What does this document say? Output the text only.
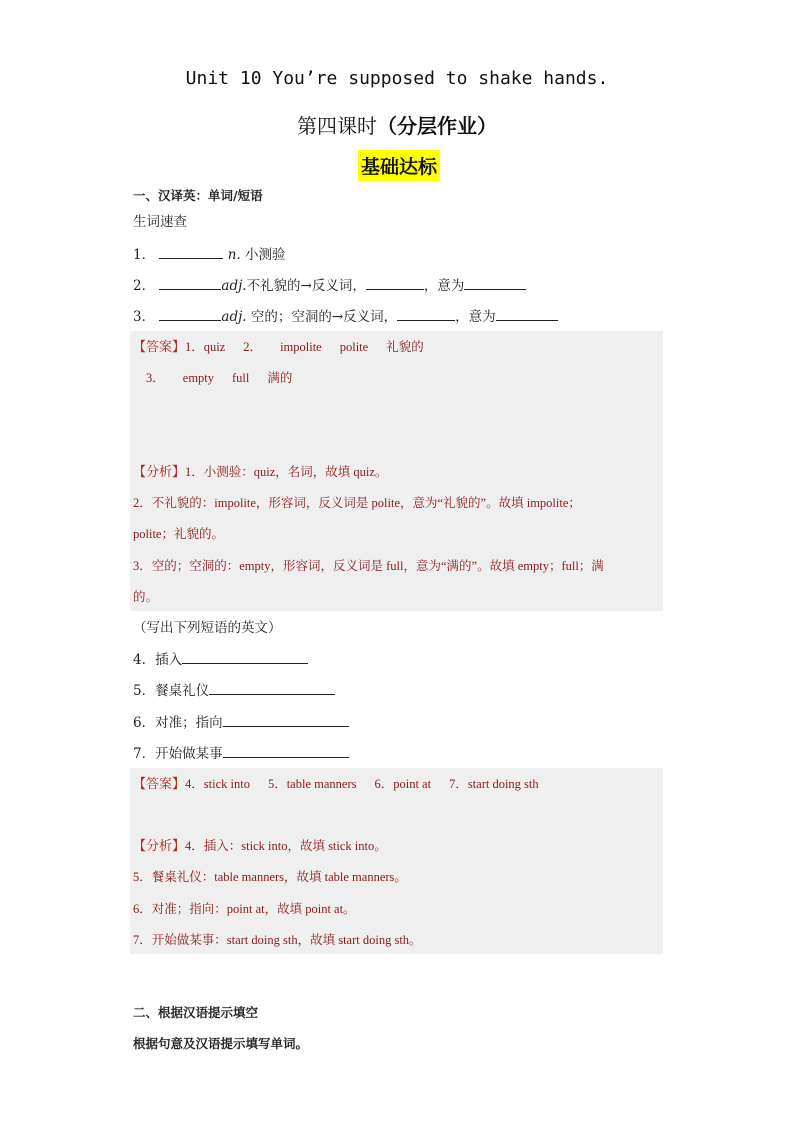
Unit 10 You’re supposed to shake hands.
第四课时（分层作业）
基础达标
一、汉译英：单词/短语
生词速查
1．	n. 小测验
2．	adj.不礼貌的→反义词，	，意为
3．	adj. 空的；空洞的→反义词，	，意为
【答案】1．quiz 2． impolite polite 礼貌的
3． empty full 满的
【分析】1．小测验：quiz，名词，故填 quiz。
2．不礼貌的：impolite，形容词，反义词是 polite，意为“礼貌的”。故填 impolite；
polite；礼貌的。
3．空的；空洞的：empty，形容词，反义词是 full，意为“满的”。故填 empty；full；满
的。
（写出下列短语的英文）
4．插入
5．餐桌礼仪
6．对准；指向
7．开始做某事
【答案】4．stick into 5．table manners 6．point at 7．start doing sth
【分析】4．插入：stick into，故填 stick into。
5．餐桌礼仪：table manners，故填 table manners。
6．对准；指向：point at，故填 point at。
7．开始做某事：start doing sth，故填 start doing sth。
二、根据汉语提示填空
根据句意及汉语提示填写单词。
